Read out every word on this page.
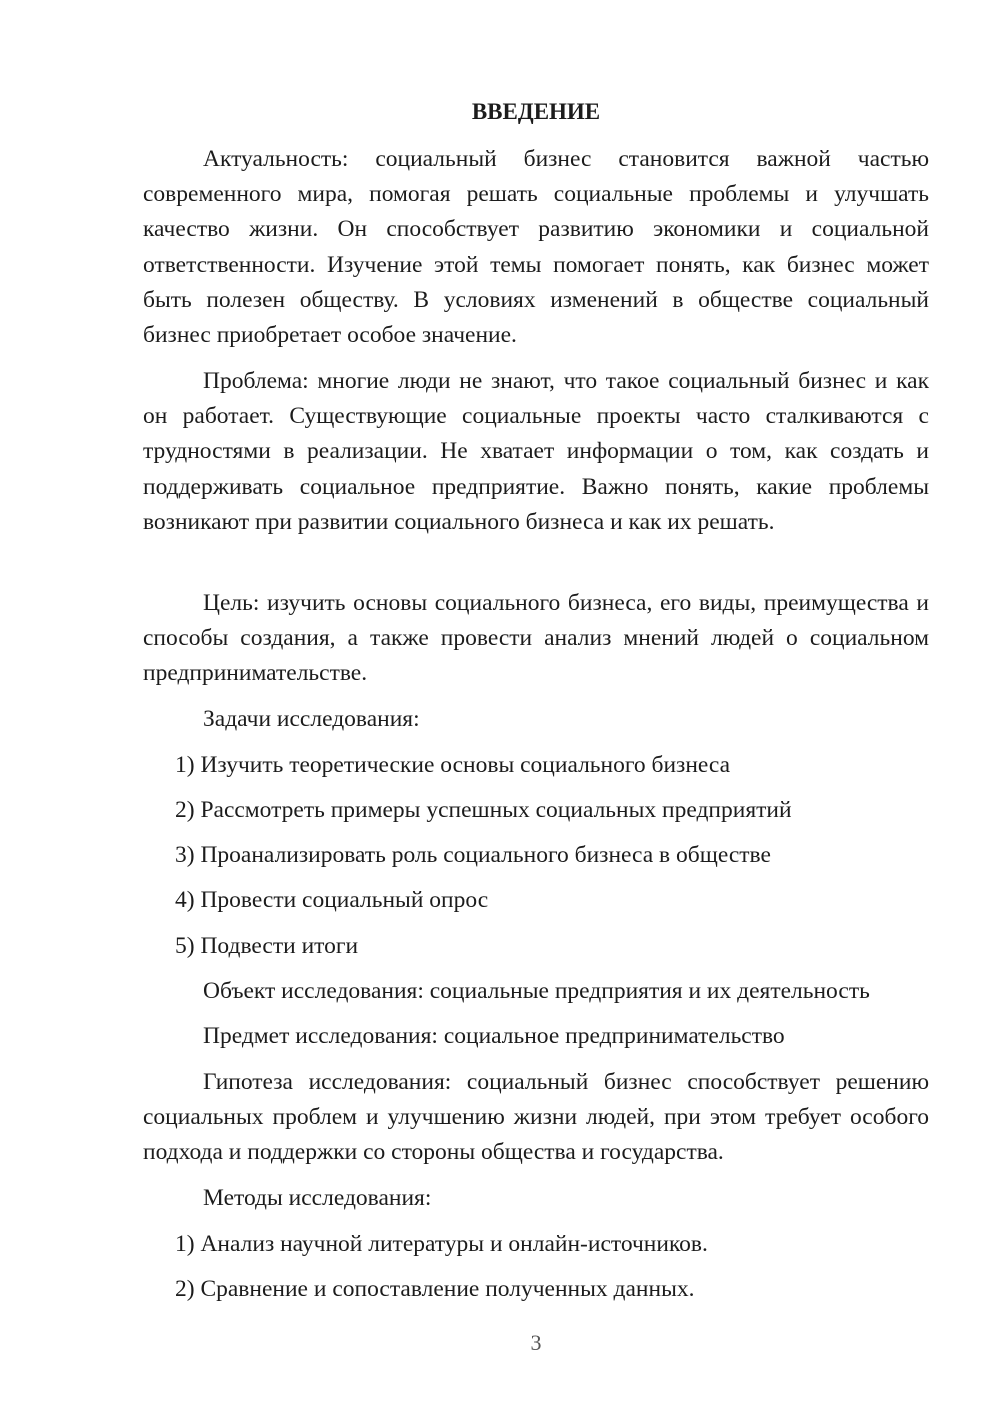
ВВЕДЕНИЕ

Актуальность: социальный бизнес становится важной частью современного мира, помогая решать социальные проблемы и улучшать качество жизни. Он способствует развитию экономики и социальной ответственности. Изучение этой темы помогает понять, как бизнес может быть полезен обществу. В условиях изменений в обществе социальный бизнес приобретает особое значение.

Проблема: многие люди не знают, что такое социальный бизнес и как он работает. Существующие социальные проекты часто сталкиваются с трудностями в реализации. Не хватает информации о том, как создать и поддерживать социальное предприятие. Важно понять, какие проблемы возникают при развитии социального бизнеса и как их решать.

Цель: изучить основы социального бизнеса, его виды, преимущества и способы создания, а также провести анализ мнений людей о социальном предпринимательстве.

Задачи исследования:

1) Изучить теоретические основы социального бизнеса

2) Рассмотреть примеры успешных социальных предприятий

3) Проанализировать роль социального бизнеса в обществе

4) Провести социальный опрос

5) Подвести итоги

Объект исследования: социальные предприятия и их деятельность

Предмет исследования: социальное предпринимательство

Гипотеза исследования: социальный бизнес способствует решению социальных проблем и улучшению жизни людей, при этом требует особого подхода и поддержки со стороны общества и государства.

Методы исследования:

1) Анализ научной литературы и онлайн-источников.

2) Сравнение и сопоставление полученных данных.

3
